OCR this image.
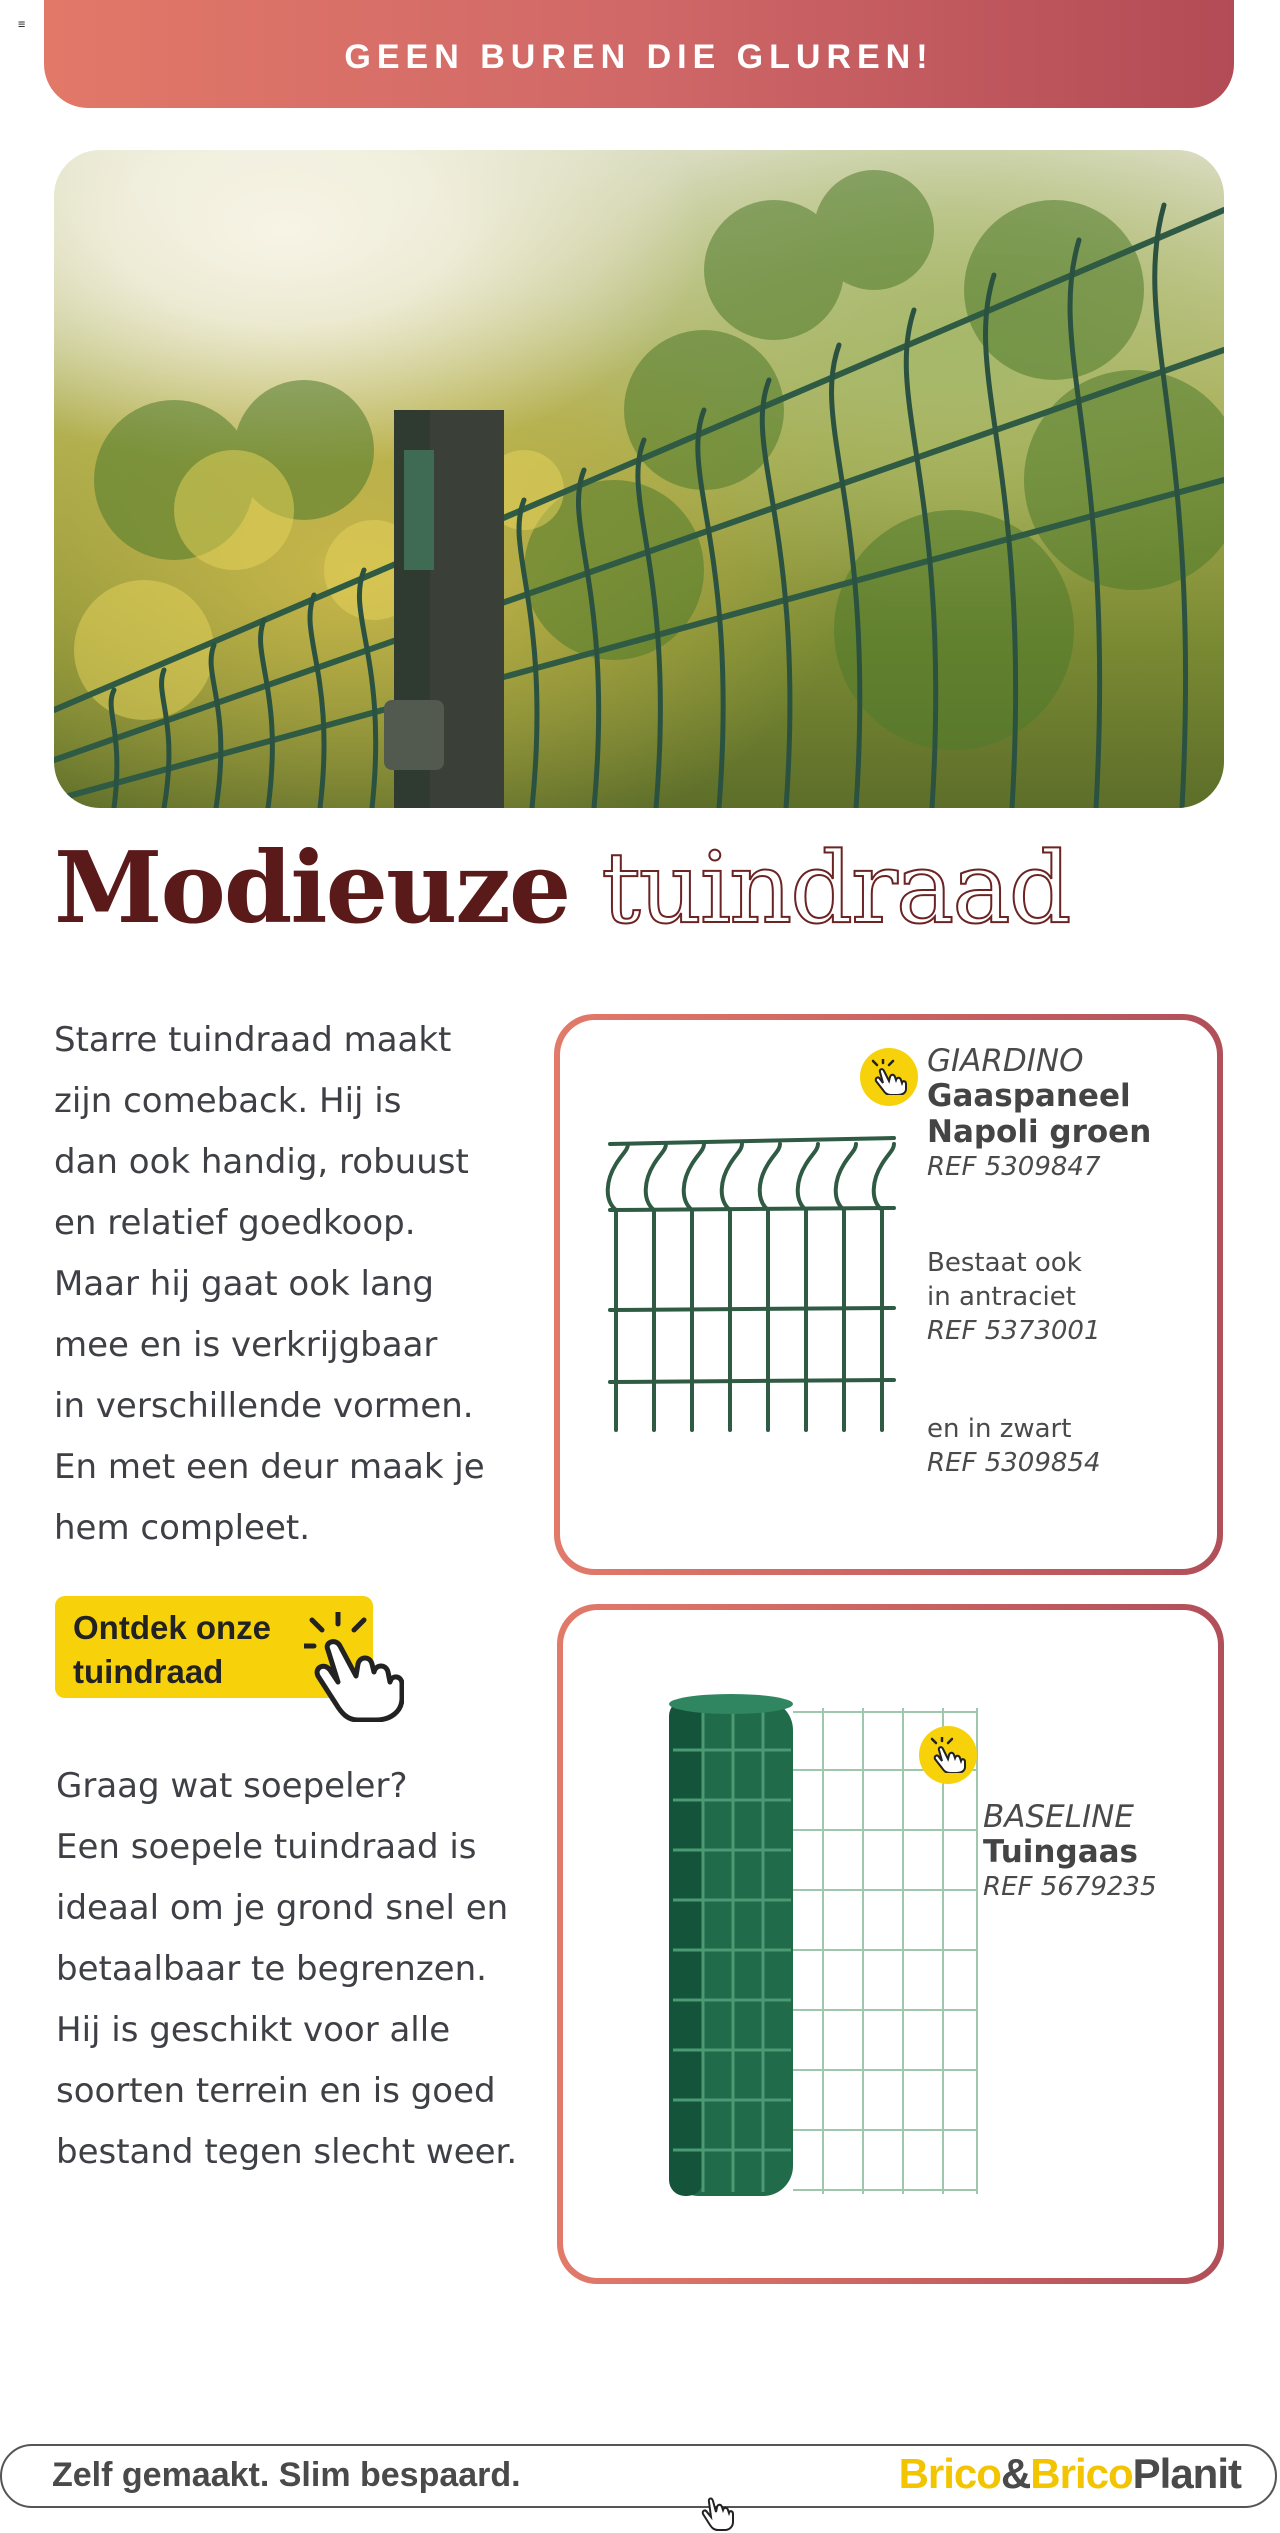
≡
GEEN BUREN DIE GLUREN!
Modieuze tuindraad
Starre tuindraad maakt
zijn comeback. Hij is
dan ook handig, robuust
en relatief goedkoop.
Maar hij gaat ook lang
mee en is verkrijgbaar
in verschillende vormen.
En met een deur maak je
hem compleet.
Ontdek onze
tuindraad
Graag wat soepeler?
Een soepele tuindraad is
ideaal om je grond snel en
betaalbaar te begrenzen.
Hij is geschikt voor alle
soorten terrein en is goed
bestand tegen slecht weer.
GIARDINO
Gaaspaneel
Napoli groen
REF 5309847
Bestaat ook
in antraciet
REF 5373001
en in zwart
REF 5309854
BASELINE
Tuingaas
REF 5679235
Zelf gemaakt. Slim bespaard.	Brico&BricoPlanit
